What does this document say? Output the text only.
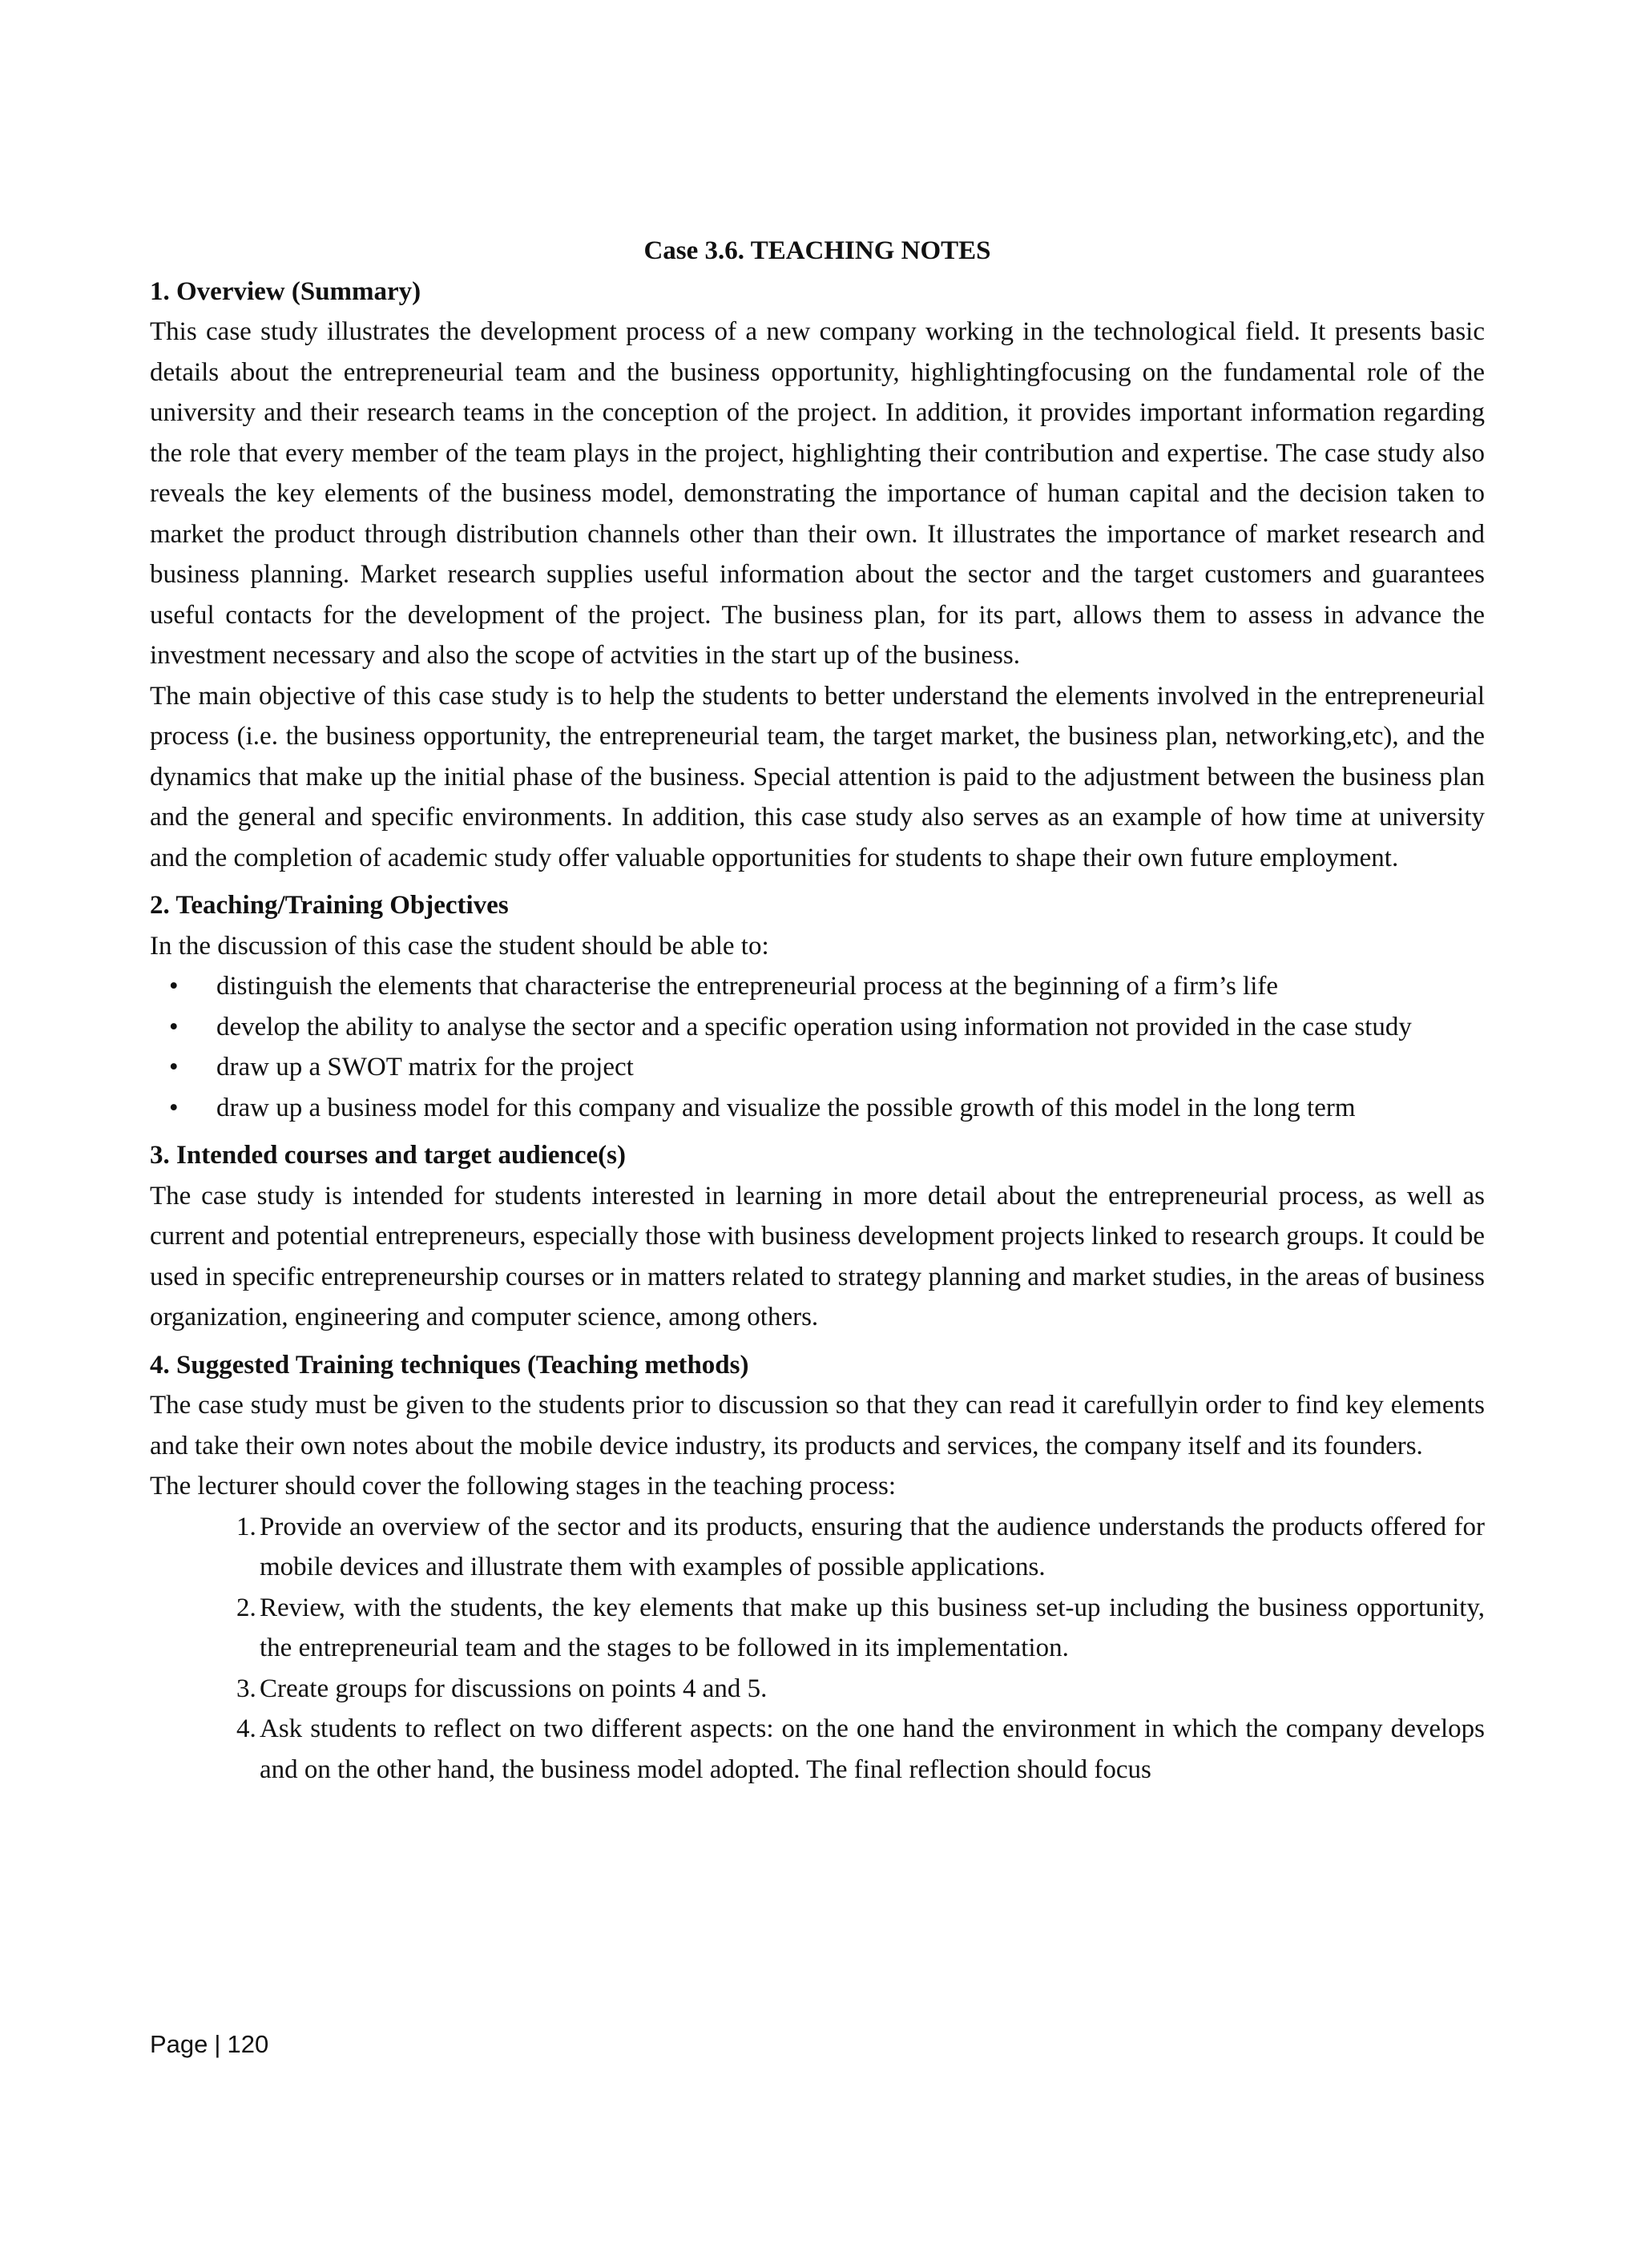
Case 3.6. TEACHING NOTES
1. Overview (Summary)

This case study illustrates the development process of a new company working in the technological field. It presents basic details about the entrepreneurial team and the business opportunity, highlightingfocusing on the fundamental role of the university and their research teams in the conception of the project. In addition, it provides important information regarding the role that every member of the team plays in the project, highlighting their contribution and expertise. The case study also reveals the key elements of the business model, demonstrating the importance of human capital and the decision taken to market the product through distribution channels other than their own. It illustrates the importance of market research and business planning. Market research supplies useful information about the sector and the target customers and guarantees useful contacts for the development of the project. The business plan, for its part, allows them to assess in advance the investment necessary and also the scope of actvities in the start up of the business.

The main objective of this case study is to help the students to better understand the elements involved in the entrepreneurial process (i.e. the business opportunity, the entrepreneurial team, the target market, the business plan, networking,etc), and the dynamics that make up the initial phase of the business. Special attention is paid to the adjustment between the business plan and the general and specific environments. In addition, this case study also serves as an example of how time at university and the completion of academic study offer valuable opportunities for students to shape their own future employment.

2. Teaching/Training Objectives

In the discussion of this case the student should be able to:

• distinguish the elements that characterise the entrepreneurial process at the beginning of a firm’s life
• develop the ability to analyse the sector and a specific operation using information not provided in the case study
• draw up a SWOT matrix for the project
• draw up a business model for this company and visualize the possible growth of this model in the long term
3. Intended courses and target audience(s)

The case study is intended for students interested in learning in more detail about the entrepreneurial process, as well as current and potential entrepreneurs, especially those with business development projects linked to research groups. It could be used in specific entrepreneurship courses or in matters related to strategy planning and market studies, in the areas of business organization, engineering and computer science, among others.

4. Suggested Training techniques (Teaching methods)

The case study must be given to the students prior to discussion so that they can read it carefullyin order to find key elements and take their own notes about the mobile device industry, its products and services, the company itself and its founders.

The lecturer should cover the following stages in the teaching process:

1. Provide an overview of the sector and its products, ensuring that the audience understands the products offered for mobile devices and illustrate them with examples of possible applications.
2. Review, with the students, the key elements that make up this business set-up including the business opportunity, the entrepreneurial team and the stages to be followed in its implementation.
3. Create groups for discussions on points 4 and 5.
4. Ask students to reflect on two different aspects: on the one hand the environment in which the company develops and on the other hand, the business model adopted. The final reflection should focus
Page | 120
